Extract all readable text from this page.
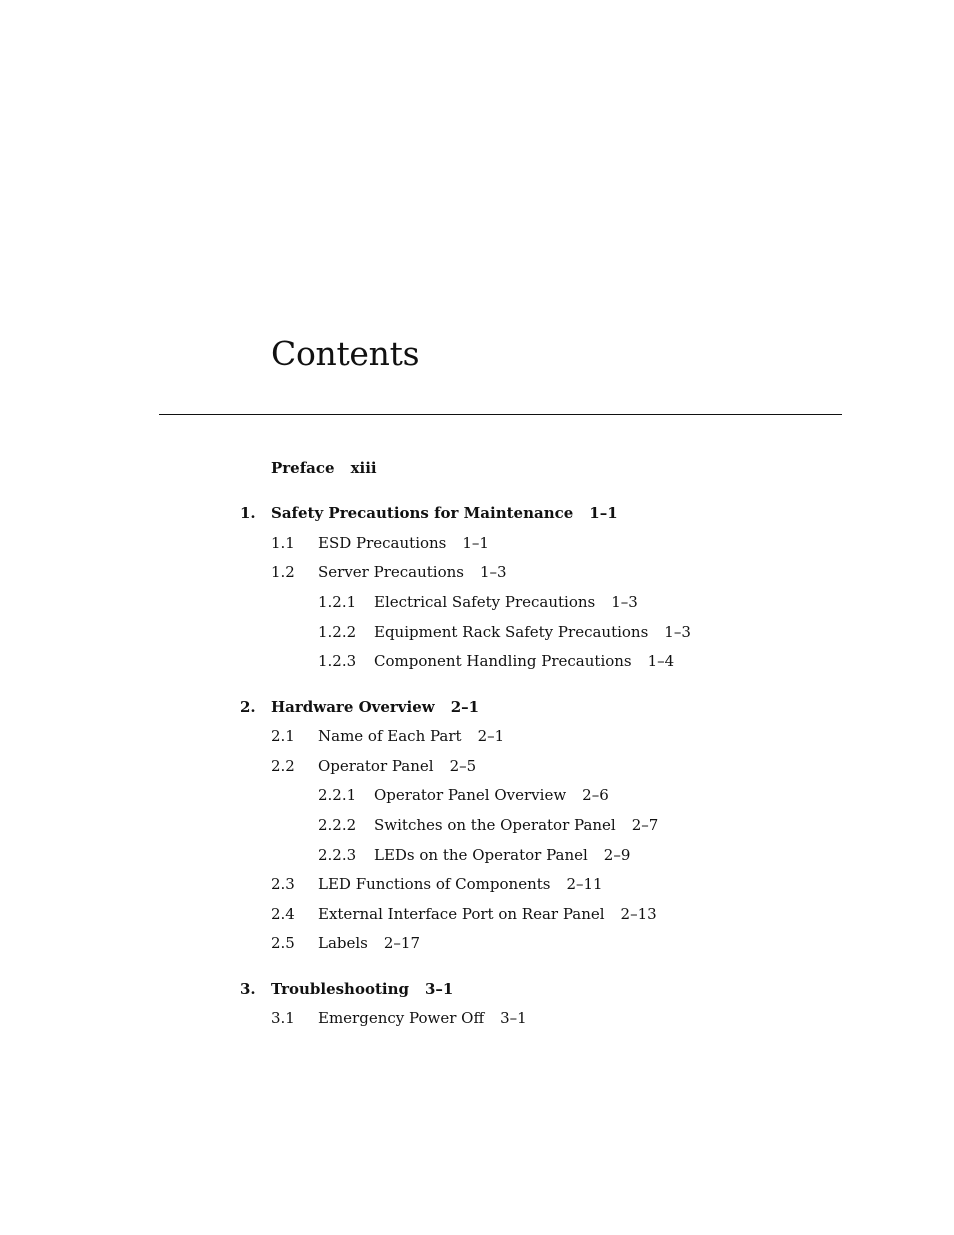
Contents
Preface xiii
1. Safety Precautions for Maintenance 1–1
1.1 ESD Precautions 1–1
1.2 Server Precautions 1–3
1.2.1 Electrical Safety Precautions 1–3
1.2.2 Equipment Rack Safety Precautions 1–3
1.2.3 Component Handling Precautions 1–4
2. Hardware Overview 2–1
2.1 Name of Each Part 2–1
2.2 Operator Panel 2–5
2.2.1 Operator Panel Overview 2–6
2.2.2 Switches on the Operator Panel 2–7
2.2.3 LEDs on the Operator Panel 2–9
2.3 LED Functions of Components 2–11
2.4 External Interface Port on Rear Panel 2–13
2.5 Labels 2–17
3. Troubleshooting 3–1
3.1 Emergency Power Off 3–1
